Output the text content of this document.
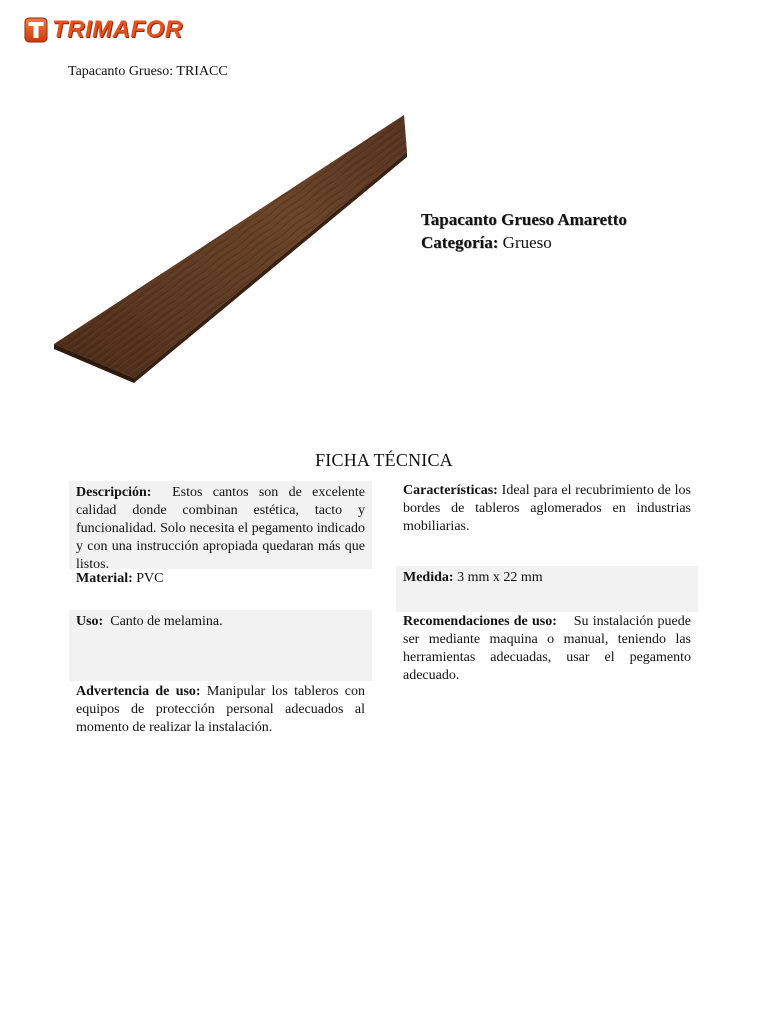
TRIMAFOR
Tapacanto Grueso: TRIACC
Tapacanto Grueso Amaretto
Categoría: Grueso
FICHA TÉCNICA
Descripción: Estos cantos son de excelente calidad donde combinan estética, tacto y funcionalidad. Solo necesita el pegamento indicado y con una instrucción apropiada quedaran más que listos.
Material: PVC
Uso: Canto de melamina.
Advertencia de uso: Manipular los tableros con equipos de protección personal adecuados al momento de realizar la instalación.
Características: Ideal para el recubrimiento de los bordes de tableros aglomerados en industrias mobiliarias.
Medida: 3 mm x 22 mm
Recomendaciones de uso: Su instalación puede ser mediante maquina o manual, teniendo las herramientas adecuadas, usar el pegamento adecuado.
